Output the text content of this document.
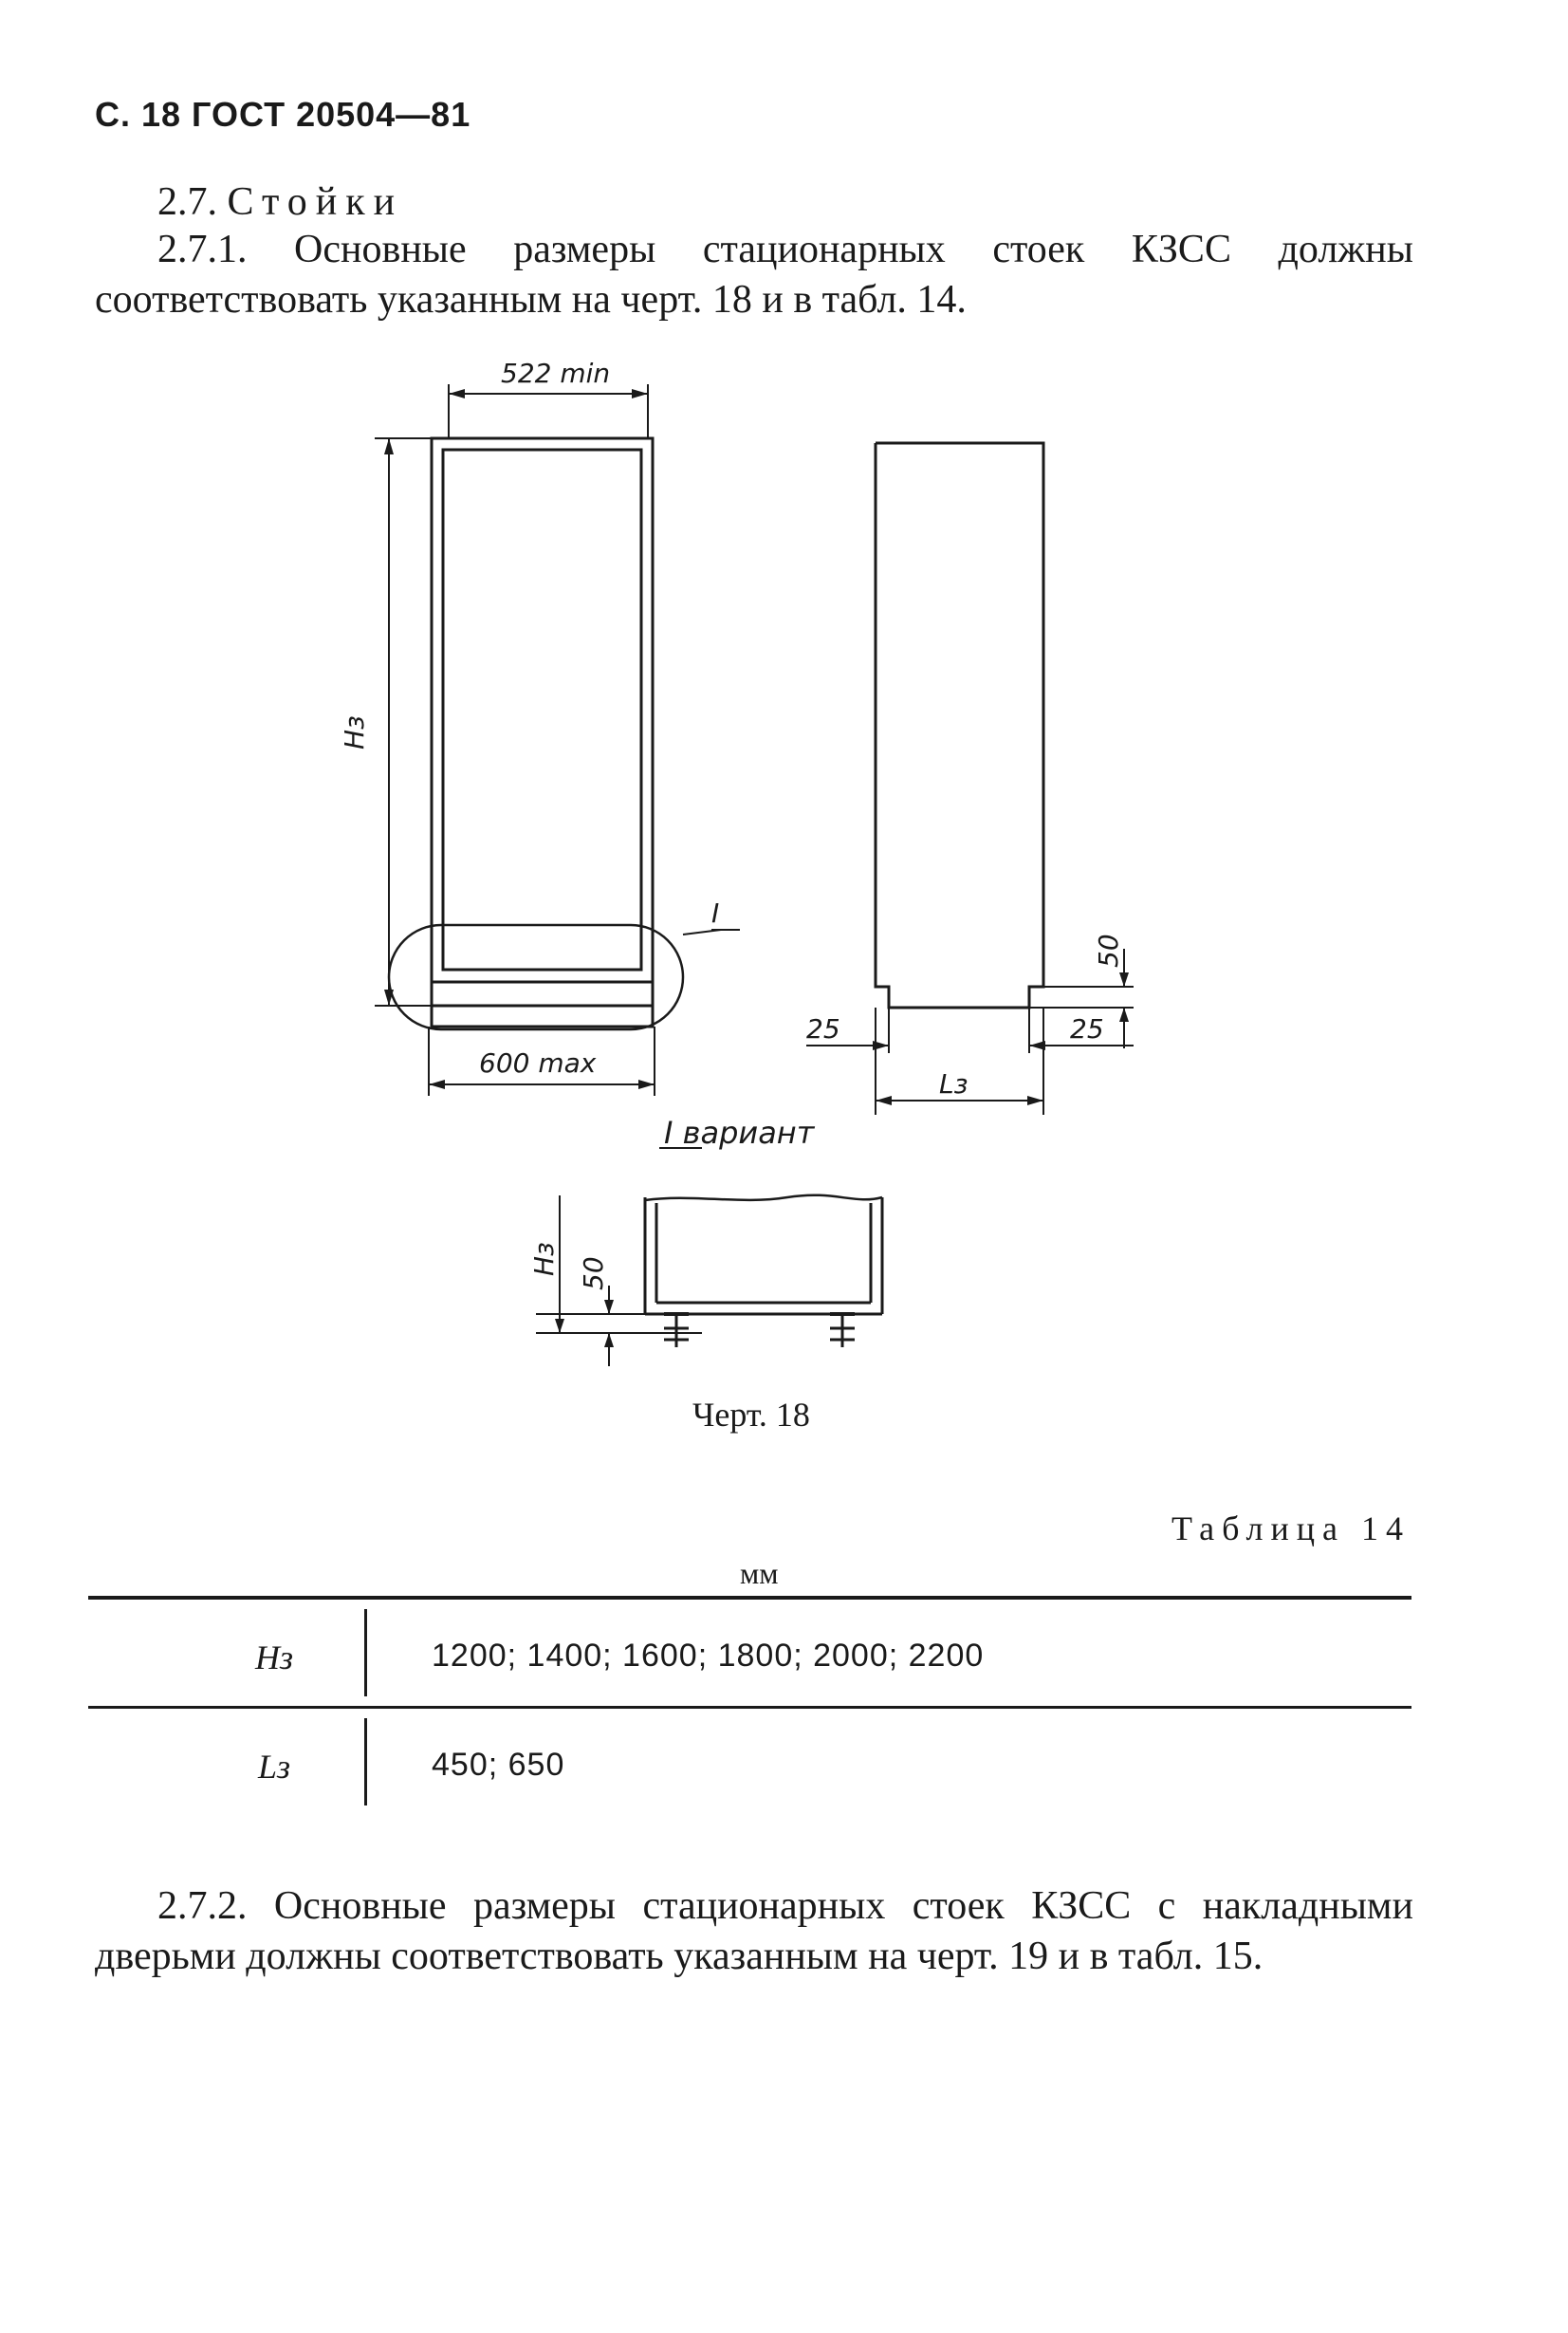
С. 18 ГОСТ 20504—81
2.7. Стойки
2.7.1. Основные размеры стационарных стоек КЗСС должны соответствовать указанным на черт. 18 и в табл. 14.
522 min
Нз
600 max
I
50
25	25
Lз
I вариант
Нз 50
Черт. 18
Таблица 14
мм
Нз	1200; 1400; 1600; 1800; 2000; 2200
Lз	450; 650
2.7.2. Основные размеры стационарных стоек КЗСС с накладными дверьми должны соответствовать указанным на черт. 19 и в табл. 15.
